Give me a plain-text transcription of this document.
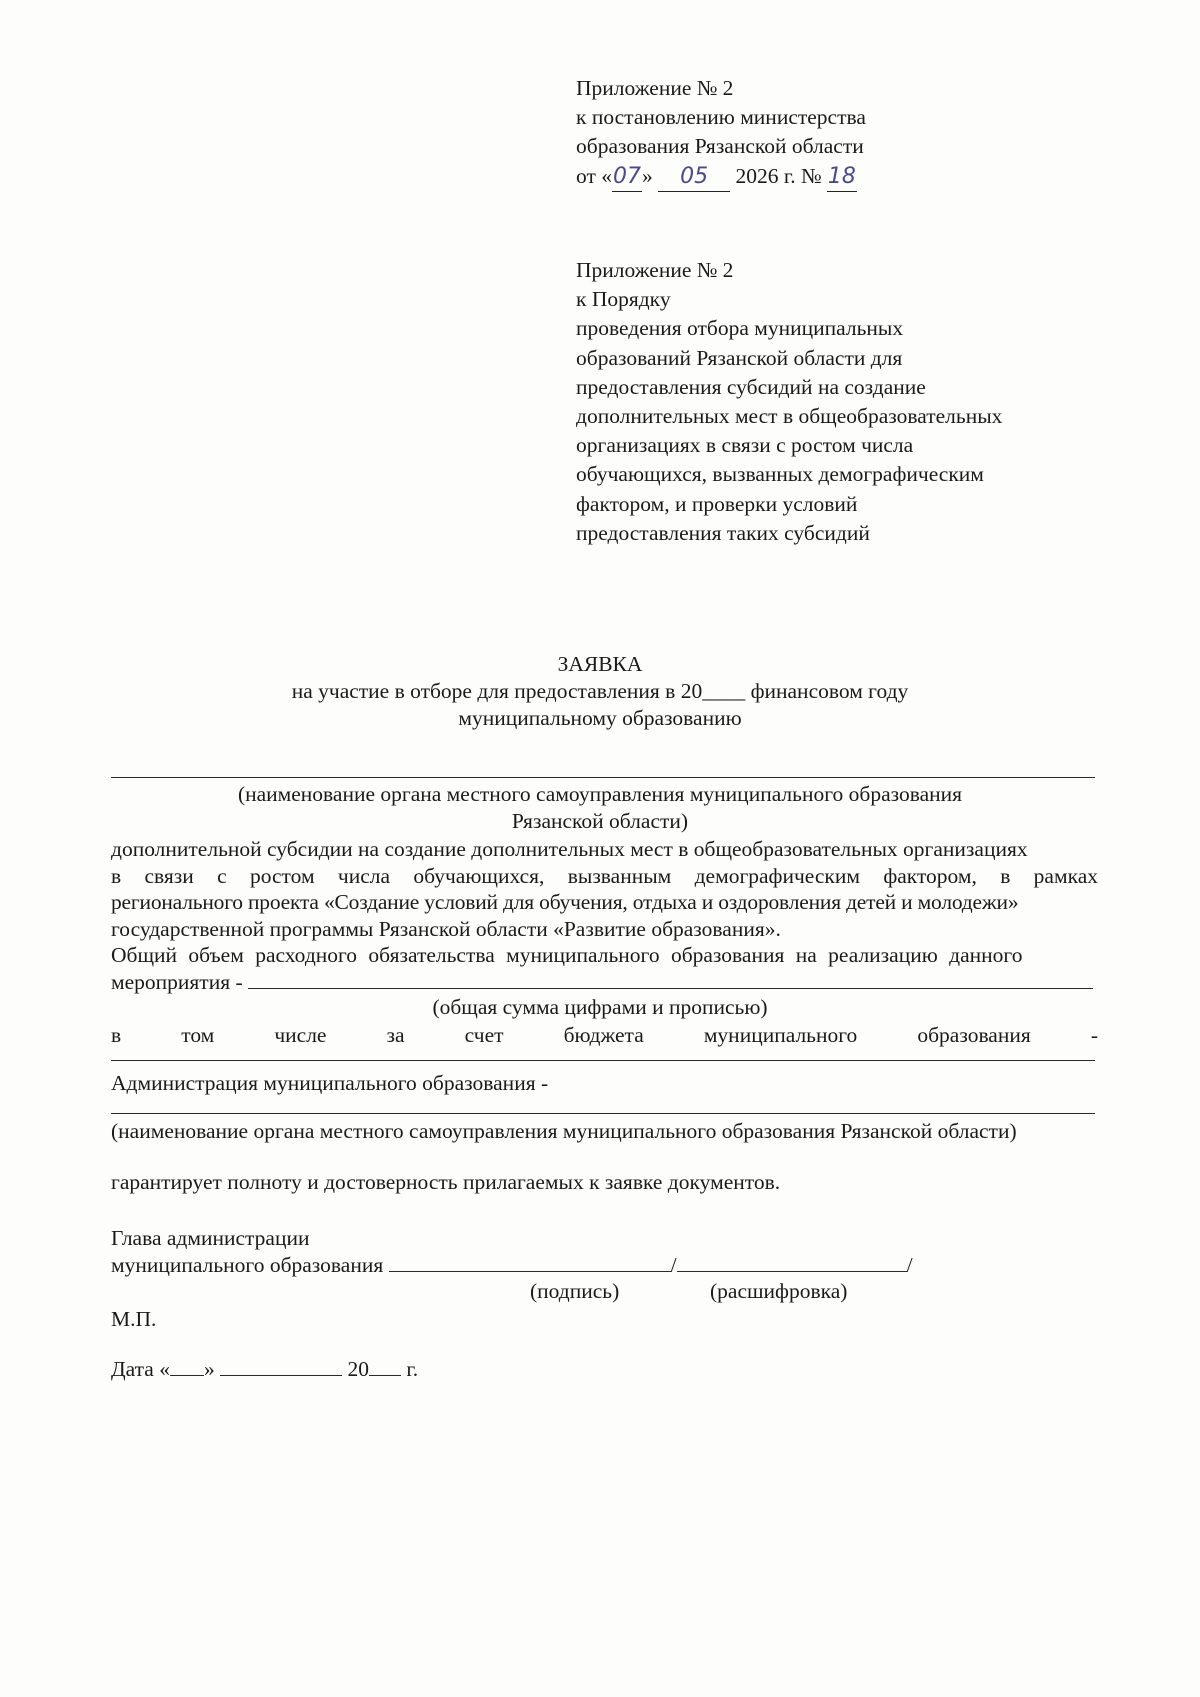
Приложение № 2
к постановлению министерства
образования Рязанской области
от «07» 05 2026 г. № 18
Приложение № 2
к Порядку
проведения отбора муниципальных
образований Рязанской области для
предоставления субсидий на создание
дополнительных мест в общеобразовательных
организациях в связи с ростом числа
обучающихся, вызванных демографическим
фактором, и проверки условий
предоставления таких субсидий
ЗАЯВКА
на участие в отборе для предоставления в 20____ финансовом году
муниципальному образованию
(наименование органа местного самоуправления муниципального образования
Рязанской области)
дополнительной субсидии на создание дополнительных мест в общеобразовательных организациях
в связи с ростом числа обучающихся, вызванным демографическим фактором, в рамках
регионального проекта «Создание условий для обучения, отдыха и оздоровления детей и молодежи»
государственной программы Рязанской области «Развитие образования».
Общий объем расходного обязательства муниципального образования на реализацию данного
мероприятия -
(общая сумма цифрами и прописью)
в	том	числе	за	счет	бюджета	муниципального	образования	-
Администрация муниципального образования -
(наименование органа местного самоуправления муниципального образования Рязанской области)
гарантирует полноту и достоверность прилагаемых к заявке документов.
Глава администрации
муниципального образования	/	/
(подпись)	(расшифровка)
М.П.
Дата « »	20 г.
